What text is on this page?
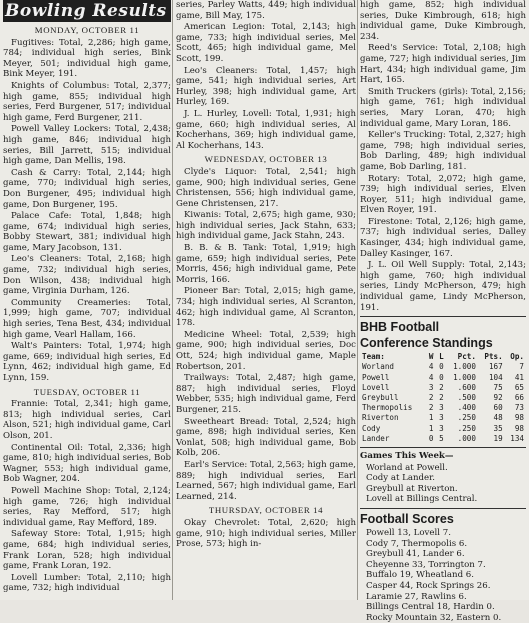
Bowling Results
MONDAY, OCTOBER 11

Fugitives: Total, 2,286; high game, 784; individual high series, Bink Meyer, 501; individual high game, Bink Meyer, 191.

Knights of Columbus: Total, 2,377; high game, 855; individual high series, Ferd Burgener, 517; individual high game, Ferd Burgener, 211.

Powell Valley Lockers: Total, 2,438; high game, 846; individual high series, Bill Jarrett, 515; individual high game, Dan Mellis, 198.

Cash & Carry: Total, 2,144; high game, 770; individual high series, Don Burgener, 495; individual high game, Don Burgener, 195.

Palace Cafe: Total, 1,848; high game, 674; individual high series, Bobby Stewart, 381; individual high game, Mary Jacobson, 131.

Leo's Cleaners: Total, 2,168; high game, 732; individual high series, Don Wilson, 438; individual high game, Virginia Durham, 126.

Community Creameries: Total, 1,999; high game, 707; individual high series, Tena Best, 434; individual high game, Vearl Hallam, 166.

Walt's Painters: Total, 1,974; high game, 669; individual high series, Ed Lynn, 462; individual high game, Ed Lynn, 159.

TUESDAY, OCTOBER 11

Frannie: Total, 2,341; high game, 813; high individual series, Carl Alson, 521; high individual game, Carl Olson, 201.

Continental Oil: Total, 2,336; high game, 810; high individual series, Bob Wagner, 553; high individual game, Bob Wagner, 204.

Powell Machine Shop: Total, 2,124; high game, 726; high individual series, Ray Mefford, 517; high individual game, Ray Mefford, 189.

Safeway Store: Total, 1,915; high game, 684; high individual series, Frank Loran, 528; high individual game, Frank Loran, 192.

Lovell Lumber: Total, 2,110; high game, 732; high individual

series, Parley Watts, 449; high individual game, Bill May, 175.

American Legion: Total, 2,143; high game, 733; high individual series, Mel Scott, 465; high individual game, Mel Scott, 199.

Leo's Cleaners: Total, 1,457; high game, 541; high individual series, Art Hurley, 398; high individual game, Art Hurley, 169.

J. L. Hurley, Lovell: Total, 1,931; high game, 660; high individual series, Al Kocherhans, 369; high individual game, Al Kocherhans, 143.

WEDNESDAY, OCTOBER 13

Clyde's Liquor: Total, 2,541; high game, 900; high individual series, Gene Christensen, 556; high individual game, Gene Christensen, 217.

Kiwanis: Total, 2,675; high game, 930; high individual series, Jack Stahn, 633; high individual game, Jack Stahn, 243.

B. B. & B. Tank: Total, 1,919; high game, 659; high individual series, Pete Morris, 456; high individual game, Pete Morris, 166.

Pioneer Bar: Total, 2,015; high game, 734; high individual series, Al Scranton, 462; high individual game, Al Scranton, 178.

Medicine Wheel: Total, 2,539; high game, 900; high individual series, Doc Ott, 524; high individual game, Maple Robertson, 201.

Trailways: Total, 2,487; high game, 887; high individual series, Floyd Webber, 535; high individual game, Ferd Burgener, 215.

Sweetheart Bread: Total, 2,524; high game, 898; high individual series, Ken Vonlat, 508; high individual game, Bob Kolb, 206.

Earl's Service: Total, 2,563; high game, 889; high individual series, Earl Learned, 567; high individual game, Earl Learned, 214.

THURSDAY, OCTOBER 14

Okay Chevrolet: Total, 2,620; high game, 910; high individual series, Miller Prose, 573; high in-

high game, 852; high individual series, Duke Kimbrough, 618; high individual game, Duke Kimbrough, 234.

Reed's Service: Total, 2,108; high game, 727; high individual series, Jim Hart, 434; high individual game, Jim Hart, 165.

Smith Truckers (girls): Total, 2,156; high game, 761; high individual series, Mary Loran, 470; high individual game, Mary Loran, 186.

Keller's Trucking: Total, 2,327; high game, 798; high individual series, Bob Darling, 489; high individual game, Bob Darling, 181.

Rotary: Total, 2,072; high game, 739; high individual series, Elven Royer, 511; high individual game, Elven Royer, 191.

Firestone: Total, 2,126; high game, 737; high individual series, Dalley Kasinger, 434; high individual game, Dalley Kasinger, 167.

J. L. Oil Well Supply: Total, 2,143; high game, 760; high individual series, Lindy McPherson, 479; high individual game, Lindy McPherson, 191.

BHB Football
Conference Standings
Team:	W	L	Pct.	Pts.	Op.
Worland	4	0	1.000	167	7
Powell	4	0	1.000	104	41
Lovell	3	2	.600	75	65
Greybull	2	2	.500	92	66
Thermopolis	2	3	.400	60	73
Riverton	1	3	.250	48	98
Cody	1	3	.250	35	98
Lander	0	5	.000	19	134
Games This Week—

Worland at Powell.

Cody at Lander.

Greybull at Riverton.

Lovell at Billings Central.

Football Scores

Powell 13, Lovell 7.

Cody 7, Thermopolis 6.

Greybull 41, Lander 6.

Cheyenne 33, Torrington 7.

Buffalo 19, Wheatland 6.

Casper 44, Rock Springs 26.

Laramie 27, Rawlins 6.

Billings Central 18, Hardin 0.

Rocky Mountain 32, Eastern 0.
